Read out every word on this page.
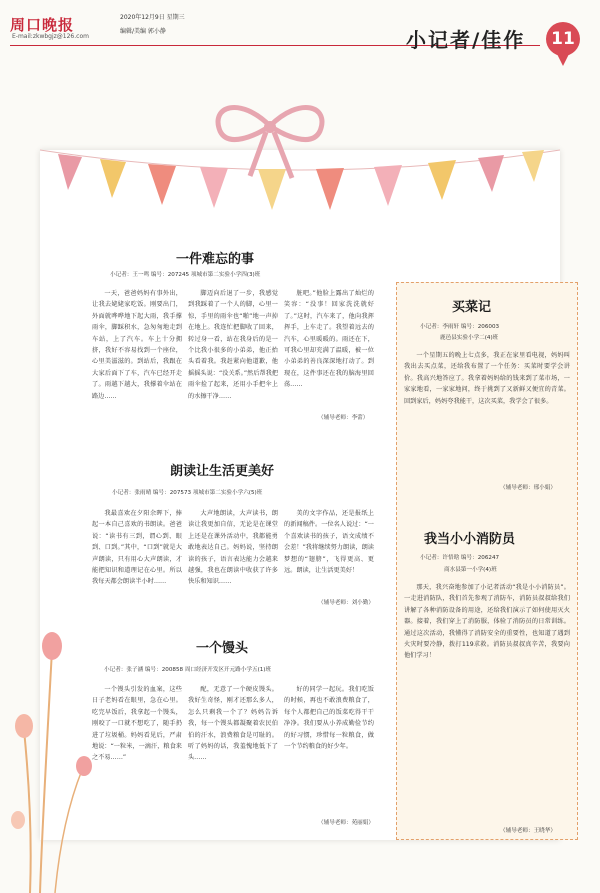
周口晚报
E-mail:zkwbgjz@126.com
2020年12月9日 星期三
编辑/美编 郭小静	小记者/佳作	11
一件难忘的事
小记者：王一鸣 编号：207245 项城市第二实验小学四(3)班

一天，爸爸妈妈有事外出，让我去姥姥家吃饭。刚要出门，外面就哗哗地下起大雨，我手撑雨伞，脚踩积水，急匆匆地走到车站，上了汽车。车上十分拥挤，我好不容易找到一个座位，心里美滋滋的。到站后，我跟在大家后面下了车，汽车已经开走了。雨越下越大，我撑着伞站在路边……

脚迈向后退了一步，我感觉到我踩着了一个人的脚，心里一惊，手里的雨伞也“啪”地一声掉在地上。我连忙把脚收了回来，转过身一看，站在我身后的是一个比我小很多的小弟弟，他正抬头看着我。我赶紧向他道歉，他摇摇头说：“没关系。”然后帮我把雨伞捡了起来，还用小手把伞上的水擦干净……

脏吧。”他脸上露出了灿烂的笑容：“没事！回家洗洗就好了。”这时，汽车来了，他向我挥挥手，上车走了。我望着远去的汽车，心里暖暖的。雨还在下，可我心里却充满了温暖，被一位小弟弟的善良深深地打动了。到现在，这件事还在我的脑海里回荡……

（辅导老师：李蕾）
朗读让生活更美好
小记者：张雨晴 编号：207573 项城市第二实验小学六(5)班

我最喜欢在夕阳余晖下，捧起一本自己喜欢的书朗读。爸爸说：“读书有三到，谓心到、眼到、口到。”其中，“口到”就是大声朗读，只有用心大声朗读，才能把知识和道理记在心里。所以我每天都会朗读半小时……

大声地朗读，大声读书，朗读让我更加自信，无论是在课堂上还是在课外活动中，我都能勇敢地表达自己。妈妈说，坚持朗读的孩子，语言表达能力会越来越强，我也在朗读中收获了许多快乐和知识……

美的文字作品，还是报纸上的新闻稿件。一位名人说过：“一个喜欢读书的孩子，语文成绩不会差！”我将继续努力朗读，朗读梦想的“翅膀”，飞得更高、更远。朗读，让生活更美好！

（辅导老师：刘小勤）
一个馒头
小记者：张子涵 编号：200858 周口经济开发区开元路小学五(1)班

一个馒头引发的血案，这些日子老妈看在眼里，急在心里。吃完早饭后，我拿起一个馒头，刚咬了一口就不想吃了，随手扔进了垃圾桶。妈妈看见后，严肃地说：“一粒米，一滴汗，粮食来之不易……”

配，无意了一个硬皮馒头。我好生奇怪，刚才还那么多人，怎么只剩我一个了？妈妈告诉我，每一个馒头都凝聚着农民伯伯的汗水，浪费粮食是可耻的。听了妈妈的话，我羞愧地低下了头……

好的同学一起玩。我们吃饭的时候，再也不敢浪费粮食了，每个人都把自己的饭菜吃得干干净净。我们要从小养成勤俭节约的好习惯，珍惜每一粒粮食，做一个节约粮食的好少年。

（辅导老师：苑丽娟）
买菜记
小记者：李雨轩 编号：206003
鹿邑县实验小学二(4)班

一个星期五的晚上七点多，我正在家里看电视，妈妈叫我出去买点菜，还给我布置了一个任务：买菜时要学会讲价。我高兴地答应了。我拿着妈妈给的钱来到了菜市场，一家家地看，一家家地问，终于挑到了又新鲜又便宜的青菜。回到家后，妈妈夸我能干，这次买菜，我学会了很多。

（辅导老师：邢小娟）
我当小小消防员
小记者：许悟晗 编号：206247
商水县第一小学(4)班

那天，我兴奋地参加了小记者活动“我是小小消防员”。一走进消防队，我们首先参观了消防车，消防员叔叔给我们讲解了各种消防设备的用途，还给我们演示了如何使用灭火器。接着，我们穿上了消防服，体验了消防员的日常训练。通过这次活动，我懂得了消防安全的重要性，也知道了遇到火灾时要冷静，拨打119求救。消防员叔叔真辛苦，我要向他们学习！

（辅导老师：王晓华）
